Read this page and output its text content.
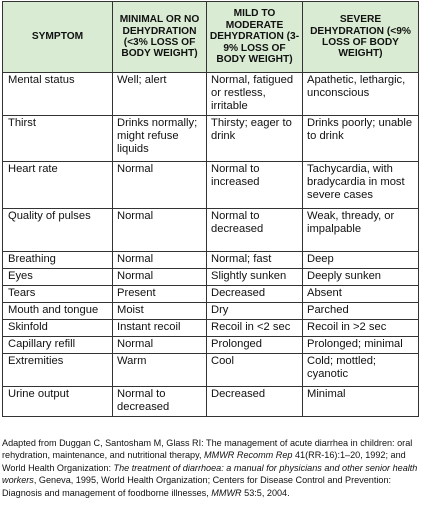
SYMPTOM	MINIMAL OR NO DEHYDRATION (<3% LOSS OF BODY WEIGHT)	MILD TO MODERATE DEHYDRATION (3-9% LOSS OF BODY WEIGHT)	SEVERE DEHYDRATION (<9% LOSS OF BODY WEIGHT)
Mental status	Well; alert	Normal, fatigued or restless, irritable	Apathetic, lethargic, unconscious
Thirst	Drinks normally; might refuse liquids	Thirsty; eager to drink	Drinks poorly; unable to drink
Heart rate	Normal	Normal to increased	Tachycardia, with bradycardia in most severe cases
Quality of pulses	Normal	Normal to decreased	Weak, thready, or impalpable
Breathing	Normal	Normal; fast	Deep
Eyes	Normal	Slightly sunken	Deeply sunken
Tears	Present	Decreased	Absent
Mouth and tongue	Moist	Dry	Parched
Skinfold	Instant recoil	Recoil in <2 sec	Recoil in >2 sec
Capillary refill	Normal	Prolonged	Prolonged; minimal
Extremities	Warm	Cool	Cold; mottled; cyanotic
Urine output	Normal to decreased	Decreased	Minimal
Adapted from Duggan C, Santosham M, Glass RI: The management of acute diarrhea in children: oral rehydration, maintenance, and nutritional therapy, MMWR Recomm Rep 41(RR-16):1–20, 1992; and World Health Organization: The treatment of diarrhoea: a manual for physicians and other senior health workers, Geneva, 1995, World Health Organization; Centers for Disease Control and Prevention: Diagnosis and management of foodborne illnesses, MMWR 53:5, 2004.
